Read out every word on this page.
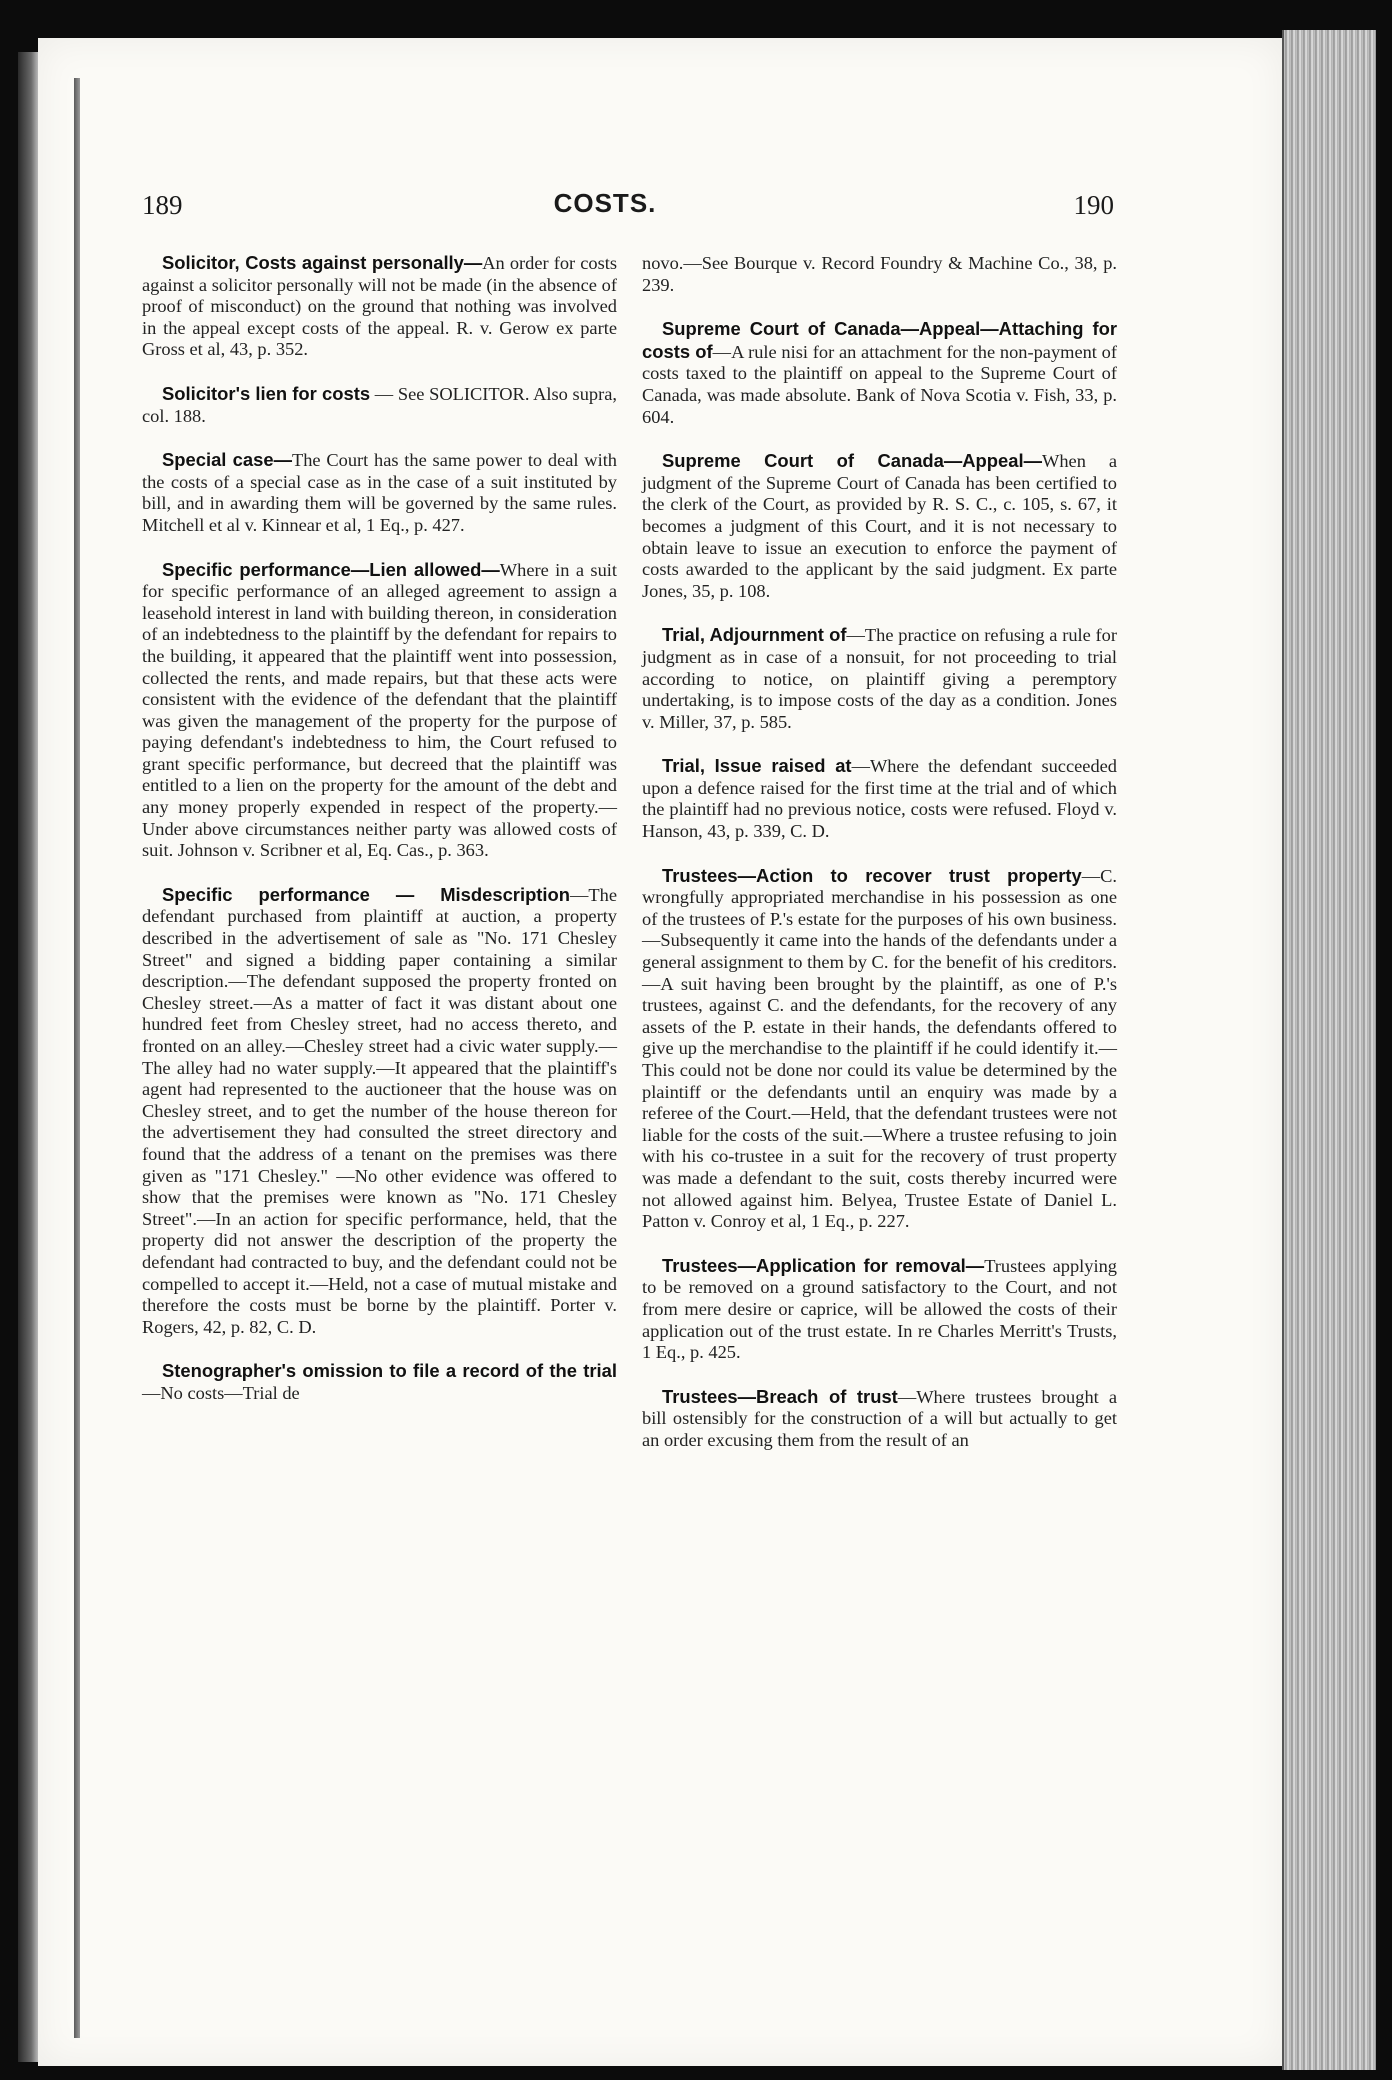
189	COSTS.	190

Solicitor, Costs against personally—An order for costs against a solicitor personally will not be made (in the absence of proof of misconduct) on the ground that nothing was involved in the appeal except costs of the appeal. R. v. Gerow ex parte Gross et al, 43, p. 352.

Solicitor's lien for costs — See SOLICITOR. Also supra, col. 188.

Special case—The Court has the same power to deal with the costs of a special case as in the case of a suit instituted by bill, and in awarding them will be governed by the same rules. Mitchell et al v. Kinnear et al, 1 Eq., p. 427.

Specific performance—Lien allowed—Where in a suit for specific performance of an alleged agreement to assign a leasehold interest in land with building thereon, in consideration of an indebtedness to the plaintiff by the defendant for repairs to the building, it appeared that the plaintiff went into possession, collected the rents, and made repairs, but that these acts were consistent with the evidence of the defendant that the plaintiff was given the management of the property for the purpose of paying defendant's indebtedness to him, the Court refused to grant specific performance, but decreed that the plaintiff was entitled to a lien on the property for the amount of the debt and any money properly expended in respect of the property.—Under above circumstances neither party was allowed costs of suit. Johnson v. Scribner et al, Eq. Cas., p. 363.

Specific performance — Misdescription—The defendant purchased from plaintiff at auction, a property described in the advertisement of sale as "No. 171 Chesley Street" and signed a bidding paper containing a similar description.—The defendant supposed the property fronted on Chesley street.—As a matter of fact it was distant about one hundred feet from Chesley street, had no access thereto, and fronted on an alley.—Chesley street had a civic water supply.—The alley had no water supply.—It appeared that the plaintiff's agent had represented to the auctioneer that the house was on Chesley street, and to get the number of the house thereon for the advertisement they had consulted the street directory and found that the address of a tenant on the premises was there given as "171 Chesley." —No other evidence was offered to show that the premises were known as "No. 171 Chesley Street".—In an action for specific performance, held, that the property did not answer the description of the property the defendant had contracted to buy, and the defendant could not be compelled to accept it.—Held, not a case of mutual mistake and therefore the costs must be borne by the plaintiff. Porter v. Rogers, 42, p. 82, C. D.

Stenographer's omission to file a record of the trial—No costs—Trial de

novo.—See Bourque v. Record Foundry & Machine Co., 38, p. 239.

Supreme Court of Canada—Appeal—Attaching for costs of—A rule nisi for an attachment for the non-payment of costs taxed to the plaintiff on appeal to the Supreme Court of Canada, was made absolute. Bank of Nova Scotia v. Fish, 33, p. 604.

Supreme Court of Canada—Appeal—When a judgment of the Supreme Court of Canada has been certified to the clerk of the Court, as provided by R. S. C., c. 105, s. 67, it becomes a judgment of this Court, and it is not necessary to obtain leave to issue an execution to enforce the payment of costs awarded to the applicant by the said judgment. Ex parte Jones, 35, p. 108.

Trial, Adjournment of—The practice on refusing a rule for judgment as in case of a nonsuit, for not proceeding to trial according to notice, on plaintiff giving a peremptory undertaking, is to impose costs of the day as a condition. Jones v. Miller, 37, p. 585.

Trial, Issue raised at—Where the defendant succeeded upon a defence raised for the first time at the trial and of which the plaintiff had no previous notice, costs were refused. Floyd v. Hanson, 43, p. 339, C. D.

Trustees—Action to recover trust property—C. wrongfully appropriated merchandise in his possession as one of the trustees of P.'s estate for the purposes of his own business.—Subsequently it came into the hands of the defendants under a general assignment to them by C. for the benefit of his creditors.—A suit having been brought by the plaintiff, as one of P.'s trustees, against C. and the defendants, for the recovery of any assets of the P. estate in their hands, the defendants offered to give up the merchandise to the plaintiff if he could identify it.—This could not be done nor could its value be determined by the plaintiff or the defendants until an enquiry was made by a referee of the Court.—Held, that the defendant trustees were not liable for the costs of the suit.—Where a trustee refusing to join with his co-trustee in a suit for the recovery of trust property was made a defendant to the suit, costs thereby incurred were not allowed against him. Belyea, Trustee Estate of Daniel L. Patton v. Conroy et al, 1 Eq., p. 227.

Trustees—Application for removal—Trustees applying to be removed on a ground satisfactory to the Court, and not from mere desire or caprice, will be allowed the costs of their application out of the trust estate. In re Charles Merritt's Trusts, 1 Eq., p. 425.

Trustees—Breach of trust—Where trustees brought a bill ostensibly for the construction of a will but actually to get an order excusing them from the result of an
